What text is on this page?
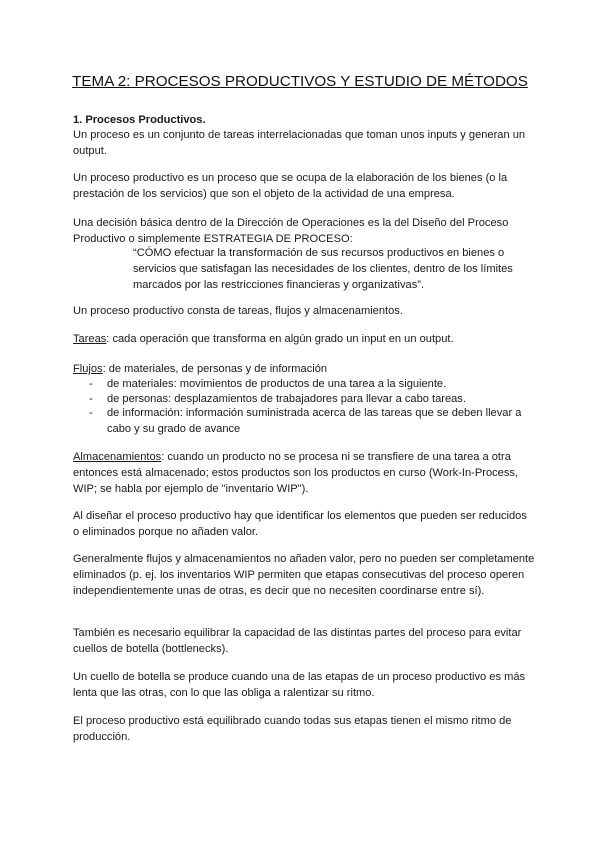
TEMA 2: PROCESOS PRODUCTIVOS Y ESTUDIO DE MÉTODOS

1. Procesos Productivos.

Un proceso es un conjunto de tareas interrelacionadas que toman unos inputs y generan un output.

Un proceso productivo es un proceso que se ocupa de la elaboración de los bienes (o la prestación de los servicios) que son el objeto de la actividad de una empresa.

Una decisión básica dentro de la Dirección de Operaciones es la del Diseño del Proceso Productivo o simplemente ESTRATEGIA DE PROCESO:

“CÓMO efectuar la transformación de sus recursos productivos en bienes o servicios que satisfagan las necesidades de los clientes, dentro de los límites marcados por las restricciones financieras y organizativas”.

Un proceso productivo consta de tareas, flujos y almacenamientos.

Tareas: cada operación que transforma en algún grado un input en un output.

Flujos: de materiales, de personas y de información

-	de materiales: movimientos de productos de una tarea a la siguiente.
-	de personas: desplazamientos de trabajadores para llevar a cabo tareas.
-	de información: información suministrada acerca de las tareas que se deben llevar a cabo y su grado de avance

Almacenamientos: cuando un producto no se procesa ni se transfiere de una tarea a otra entonces está almacenado; estos productos son los productos en curso (Work-In-Process, WIP; se habla por ejemplo de "inventario WIP").

Al diseñar el proceso productivo hay que identificar los elementos que pueden ser reducidos o eliminados porque no añaden valor.

Generalmente flujos y almacenamientos no añaden valor, pero no pueden ser completamente eliminados (p. ej. los inventarios WIP permiten que etapas consecutivas del proceso operen independientemente unas de otras, es decir que no necesiten coordinarse entre sí).

También es necesario equilibrar la capacidad de las distintas partes del proceso para evitar cuellos de botella (bottlenecks).

Un cuello de botella se produce cuando una de las etapas de un proceso productivo es más lenta que las otras, con lo que las obliga a ralentizar su ritmo.

El proceso productivo está equilibrado cuando todas sus etapas tienen el mismo ritmo de producción.
